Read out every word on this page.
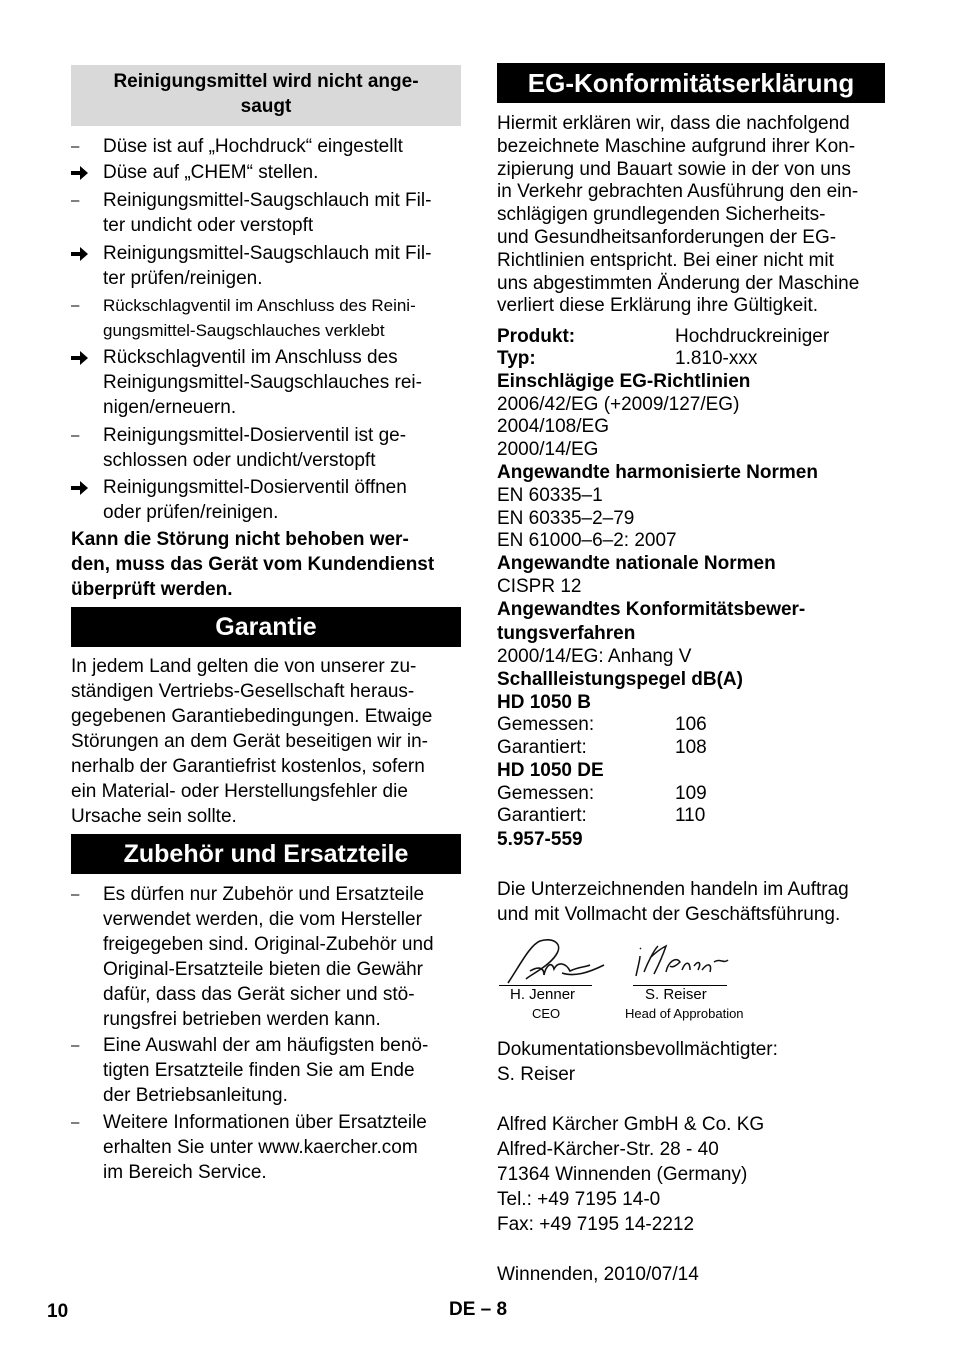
Reinigungsmittel wird nicht ange-
saugt
– Düse ist auf „Hochdruck“ eingestellt
Düse auf „CHEM“ stellen.
– Reinigungsmittel-Saugschlauch mit Fil-
ter undicht oder verstopft
Reinigungsmittel-Saugschlauch mit Fil-
ter prüfen/reinigen.
– Rückschlagventil im Anschluss des Reini-
gungsmittel-Saugschlauches verklebt
Rückschlagventil im Anschluss des
Reinigungsmittel-Saugschlauches rei-
nigen/erneuern.
– Reinigungsmittel-Dosierventil ist ge-
schlossen oder undicht/verstopft
Reinigungsmittel-Dosierventil öffnen
oder prüfen/reinigen.
Kann die Störung nicht behoben wer-
den, muss das Gerät vom Kundendienst
überprüft werden.
Garantie
In jedem Land gelten die von unserer zu-
ständigen Vertriebs-Gesellschaft heraus-
gegebenen Garantiebedingungen. Etwaige
Störungen an dem Gerät beseitigen wir in-
nerhalb der Garantiefrist kostenlos, sofern
ein Material- oder Herstellungsfehler die
Ursache sein sollte.
Zubehör und Ersatzteile
– Es dürfen nur Zubehör und Ersatzteile
verwendet werden, die vom Hersteller
freigegeben sind. Original-Zubehör und
Original-Ersatzteile bieten die Gewähr
dafür, dass das Gerät sicher und stö-
rungsfrei betrieben werden kann.
– Eine Auswahl der am häufigsten benö-
tigten Ersatzteile finden Sie am Ende
der Betriebsanleitung.
– Weitere Informationen über Ersatzteile
erhalten Sie unter www.kaercher.com
im Bereich Service.
EG-Konformitätserklärung
Hiermit erklären wir, dass die nachfolgend
bezeichnete Maschine aufgrund ihrer Kon-
zipierung und Bauart sowie in der von uns
in Verkehr gebrachten Ausführung den ein-
schlägigen grundlegenden Sicherheits-
und Gesundheitsanforderungen der EG-
Richtlinien entspricht. Bei einer nicht mit
uns abgestimmten Änderung der Maschine
verliert diese Erklärung ihre Gültigkeit.
Produkt:	Hochdruckreiniger
Typ:	1.810-xxx
Einschlägige EG-Richtlinien
2006/42/EG (+2009/127/EG)
2004/108/EG
2000/14/EG
Angewandte harmonisierte Normen
EN 60335–1
EN 60335–2–79
EN 61000–6–2: 2007
Angewandte nationale Normen
CISPR 12
Angewandtes Konformitätsbewer-
tungsverfahren
2000/14/EG: Anhang V
Schallleistungspegel dB(A)
HD 1050 B
Gemessen:	106
Garantiert:	108
HD 1050 DE
Gemessen:	109
Garantiert:	110
5.957-559
Die Unterzeichnenden handeln im Auftrag
und mit Vollmacht der Geschäftsführung.
H. Jenner
CEO
S. Reiser
Head of Approbation
Dokumentationsbevollmächtigter:
S. Reiser
Alfred Kärcher GmbH & Co. KG
Alfred-Kärcher-Str. 28 - 40
71364 Winnenden (Germany)
Tel.: +49 7195 14-0
Fax: +49 7195 14-2212
Winnenden, 2010/07/14
10	DE – 8
